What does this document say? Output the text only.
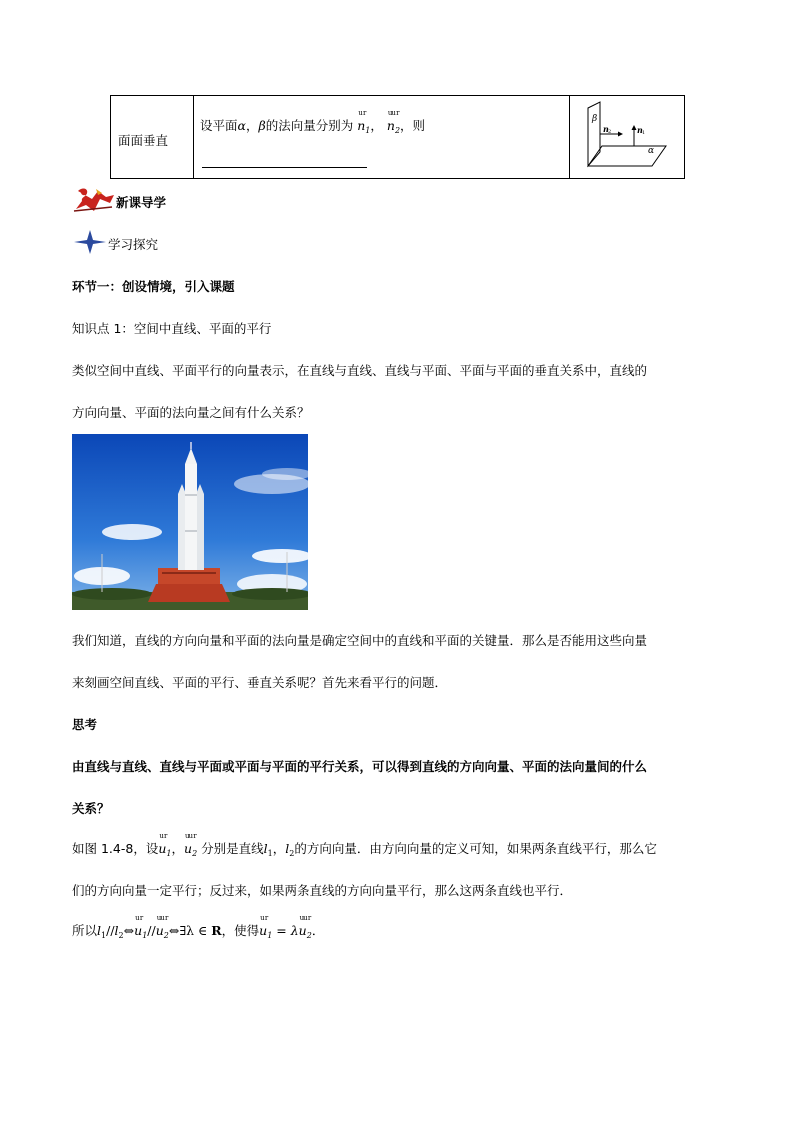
面面垂直
设平面α，β的法向量分别为
u r
$n_1$，
uu r
$n_2$，则	β
n 2	n 1
α
新课导学
学习探究

环节一：创设情境，引入课题

知识点 1：空间中直线、平面的平行

类似空间中直线、平面平行的向量表示，在直线与直线、直线与平面、平面与平面的垂直关系中，直线的

方向向量、平面的法向量之间有什么关系？

我们知道，直线的方向向量和平面的法向量是确定空间中的直线和平面的关键量．那么是否能用这些向量

来刻画空间直线、平面的平行、垂直关系呢？首先来看平行的问题．

思考

由直线与直线、直线与平面或平面与平面的平行关系，可以得到直线的方向向量、平面的法向量间的什么

关系？

如图 1.4-8，设
u r
$u_1$，
uu r
$u_2$ 分别是直线$l_1$，$l_2$的方向向量．由方向向量的定义可知，如果两条直线平行，那么它

们的方向向量一定平行；反过来，如果两条直线的方向向量平行，那么这两条直线也平行．

所以$l_1//l_2\Leftrightarrow$
u r
$u_1//$
uu r
$u_2\Leftrightarrow\exists\lambda$ ∈ R，使得
u r
$u_1 = \lambda$
uu r
$u_2$．
